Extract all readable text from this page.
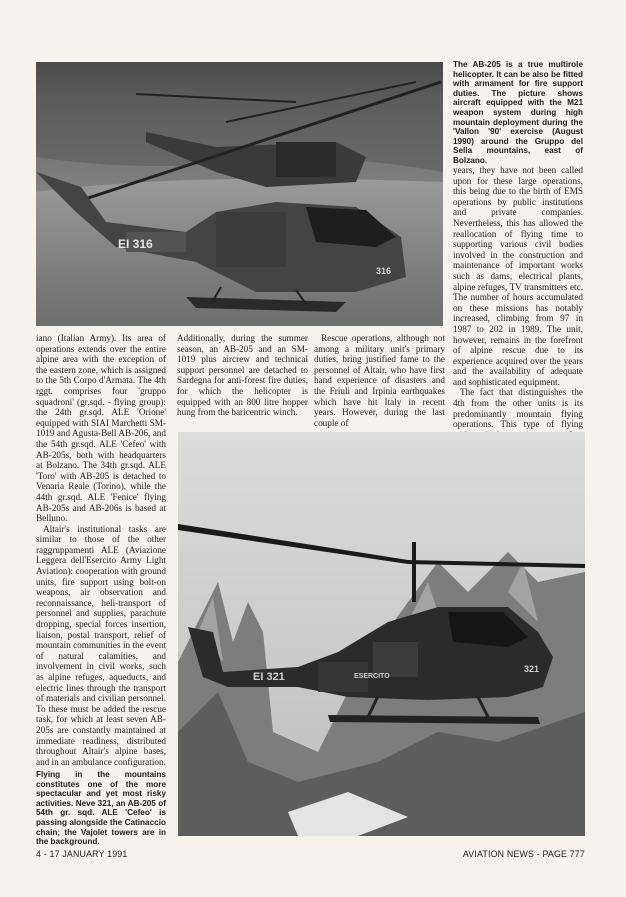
EI 316
316
The AB-205 is a true multirole helicopter. It can be also be fitted with armament for fire support duties. The picture shows aircraft equipped with the M21 weapon system during high mountain deployment during the 'Vallon '90' exercise (August 1990) around the Gruppo del Sella mountains, east of Bolzano.

years, they have not been called upon for these large operations, this being due to the birth of EMS operations by public institutions and private companies. Nevertheless, this has allowed the reallocation of flying time to supporting various civil bodies involved in the construction and maintenance of important works such as dams, electrical plants, alpine refuges, TV transmitters etc. The number of hours accumulated on these missions has notably increased, climbing from 97 in 1987 to 202 in 1989. The unit, however, remains in the forefront of alpine rescue due to its experience acquired over the years and the availability of adequate and sophisticated equipment.

The fact that distinguishes the 4th from the other units is its predominantly mountain flying operations. This type of flying

iano (Italian Army). Its area of operations extends over the entire alpine area with the exception of the eastern zone, which is assigned to the 5th Corpo d'Armata. The 4th rggt. comprises four 'gruppo squadroni' (gr.sqd. - flying group): the 24th gr.sqd. ALE 'Orione' equipped with SIAI Marchetti SM-1019 and Agusta-Bell AB-206, and the 54th gr.sqd. ALE 'Cefeo' with AB-205s, both with headquarters at Bolzano. The 34th gr.sqd. ALE 'Toro' with AB-205 is detached to Venaria Reale (Torino), while the 44th gr.sqd. ALE 'Fenice' flying AB-205s and AB-206s is based at Belluno.

Altair's institutional tasks are similar to those of the other raggruppamenti ALE (Aviazione Leggera dell'Esercito Army Light Aviation): cooperation with ground units, fire support using bolt-on weapons, air observation and reconnaissance, heli-transport of personnel and supplies, parachute dropping, special forces insertion, liaison, postal transport, relief of mountain communities in the event of natural calamities, and involvement in civil works, such as alpine refuges, aqueducts, and electric lines through the transport of materials and civilian personnel. To these must be added the rescue task, for which at least seven AB-205s are constantly maintained at immediate readiness, distributed throughout Altair's alpine bases, and in an ambulance configuration.

Flying in the mountains constitutes one of the more spectacular and yet most risky activities. Neve 321, an AB-205 of 54th gr. sqd. ALE 'Cefeo' is passing alongside the Catinaccio chain; the Vajolet towers are in the background.

Additionally, during the summer season, an AB-205 and an SM-1019 plus aircrew and technical support personnel are detached to Sardegna for anti-forest fire duties, for which the helicopter is equipped with an 800 litre hopper hung from the baricentric winch.

Rescue operations, although not among a military unit's primary duties, bring justified fame to the personnel of Altair, who have first hand experience of disasters and the Friuli and Irpinia earthquakes which have hit Italy in recent years. However, during the last couple of

EI 321	ESERCITO
321
4 - 17 JANUARY 1991	AVIATION NEWS - PAGE 777
